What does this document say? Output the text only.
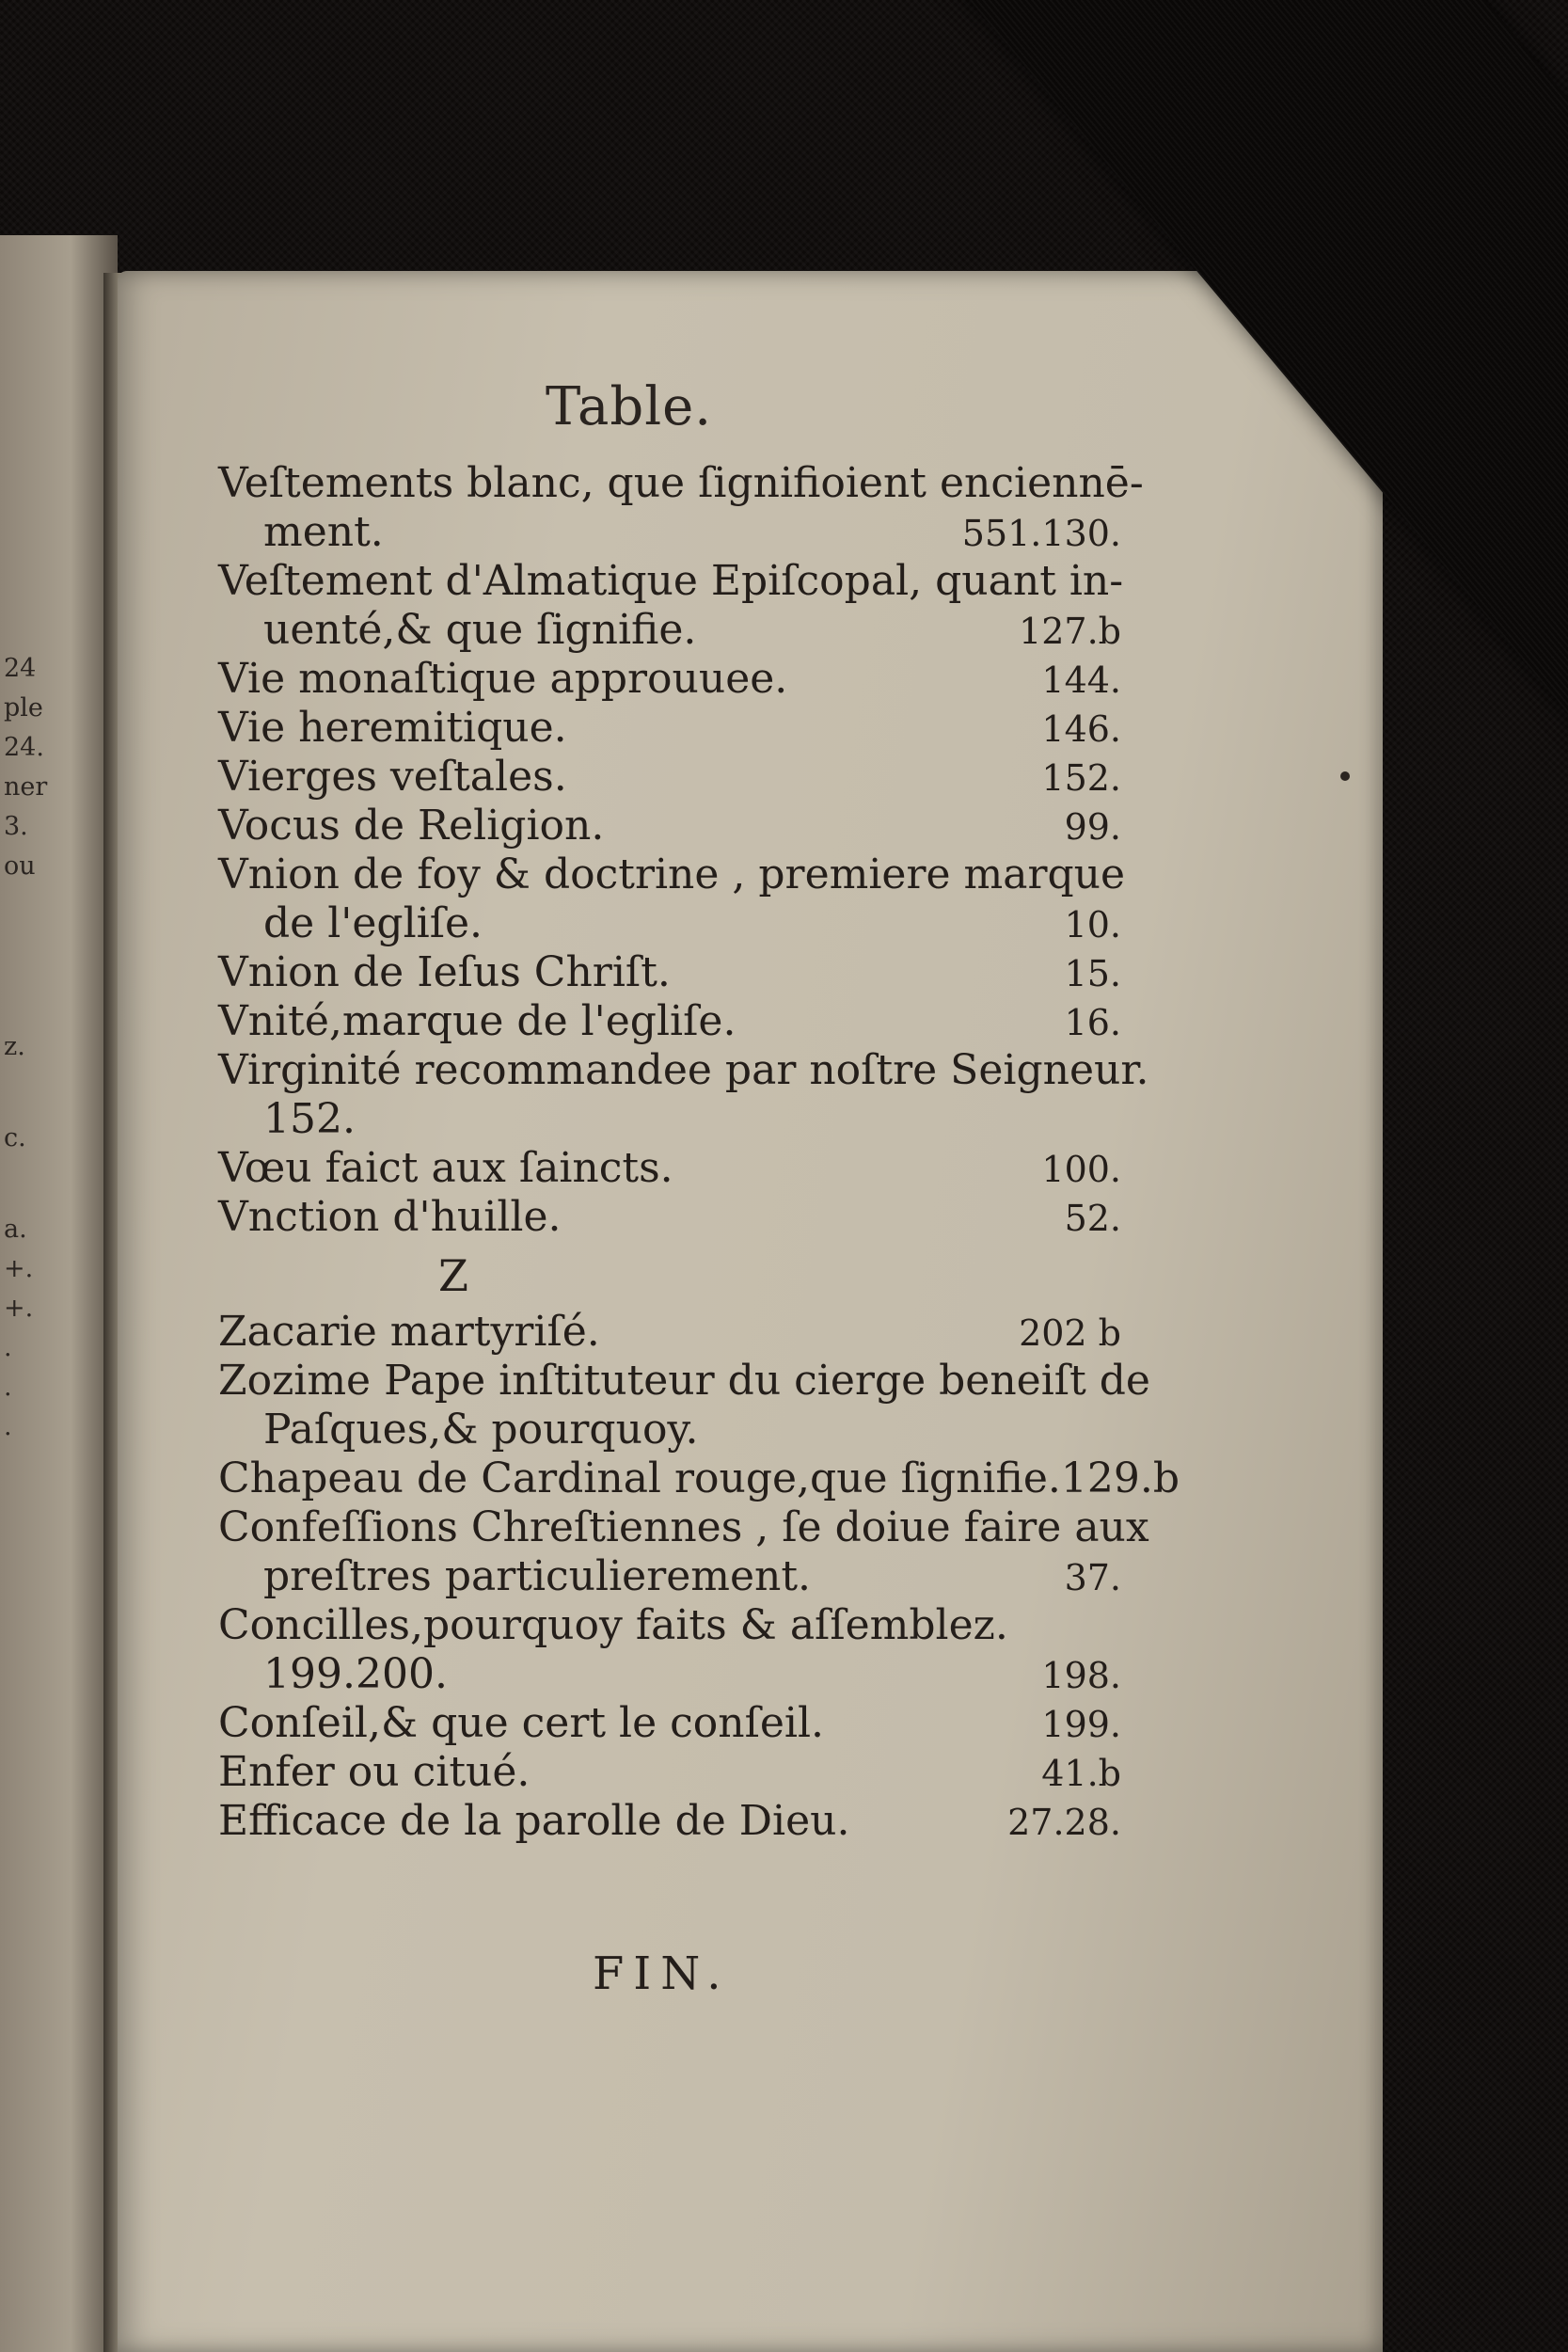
24
ple
24.
ner
3.
ou
z.
c.
a.
+.
+.
.
.
.
Table.
Veſtements blanc, que ſignifioient enciennē-
ment.	551.130.
Veſtement d'Almatique Epiſcopal, quant in-
uenté,& que ſignifie.	127.b
Vie monaſtique approuuee.	144.
Vie heremitique.	146.
Vierges veſtales.	152.
Vocus de Religion.	99.
Vnion de foy & doctrine , premiere marque
de l'egliſe.	10.
Vnion de Ieſus Chriſt.	15.
Vnité,marque de l'egliſe.	16.
Virginité recommandee par noſtre Seigneur.
152.
Vœu faict aux ſaincts.	100.
Vnction d'huille.	52.
Z
Zacarie martyriſé.	202 b
Zozime Pape inſtituteur du cierge beneiſt de
Paſques,& pourquoy.
Chapeau de Cardinal rouge,que ſignifie.129.b
Confeſſions Chreſtiennes , ſe doiue faire aux
preſtres particulierement.	37.
Concilles,pourquoy faits & aſſemblez.
199.200.	198.
Conſeil,& que cert le conſeil.	199.
Enfer ou citué.	41.b
Efficace de la parolle de Dieu.	27.28.
FIN.
